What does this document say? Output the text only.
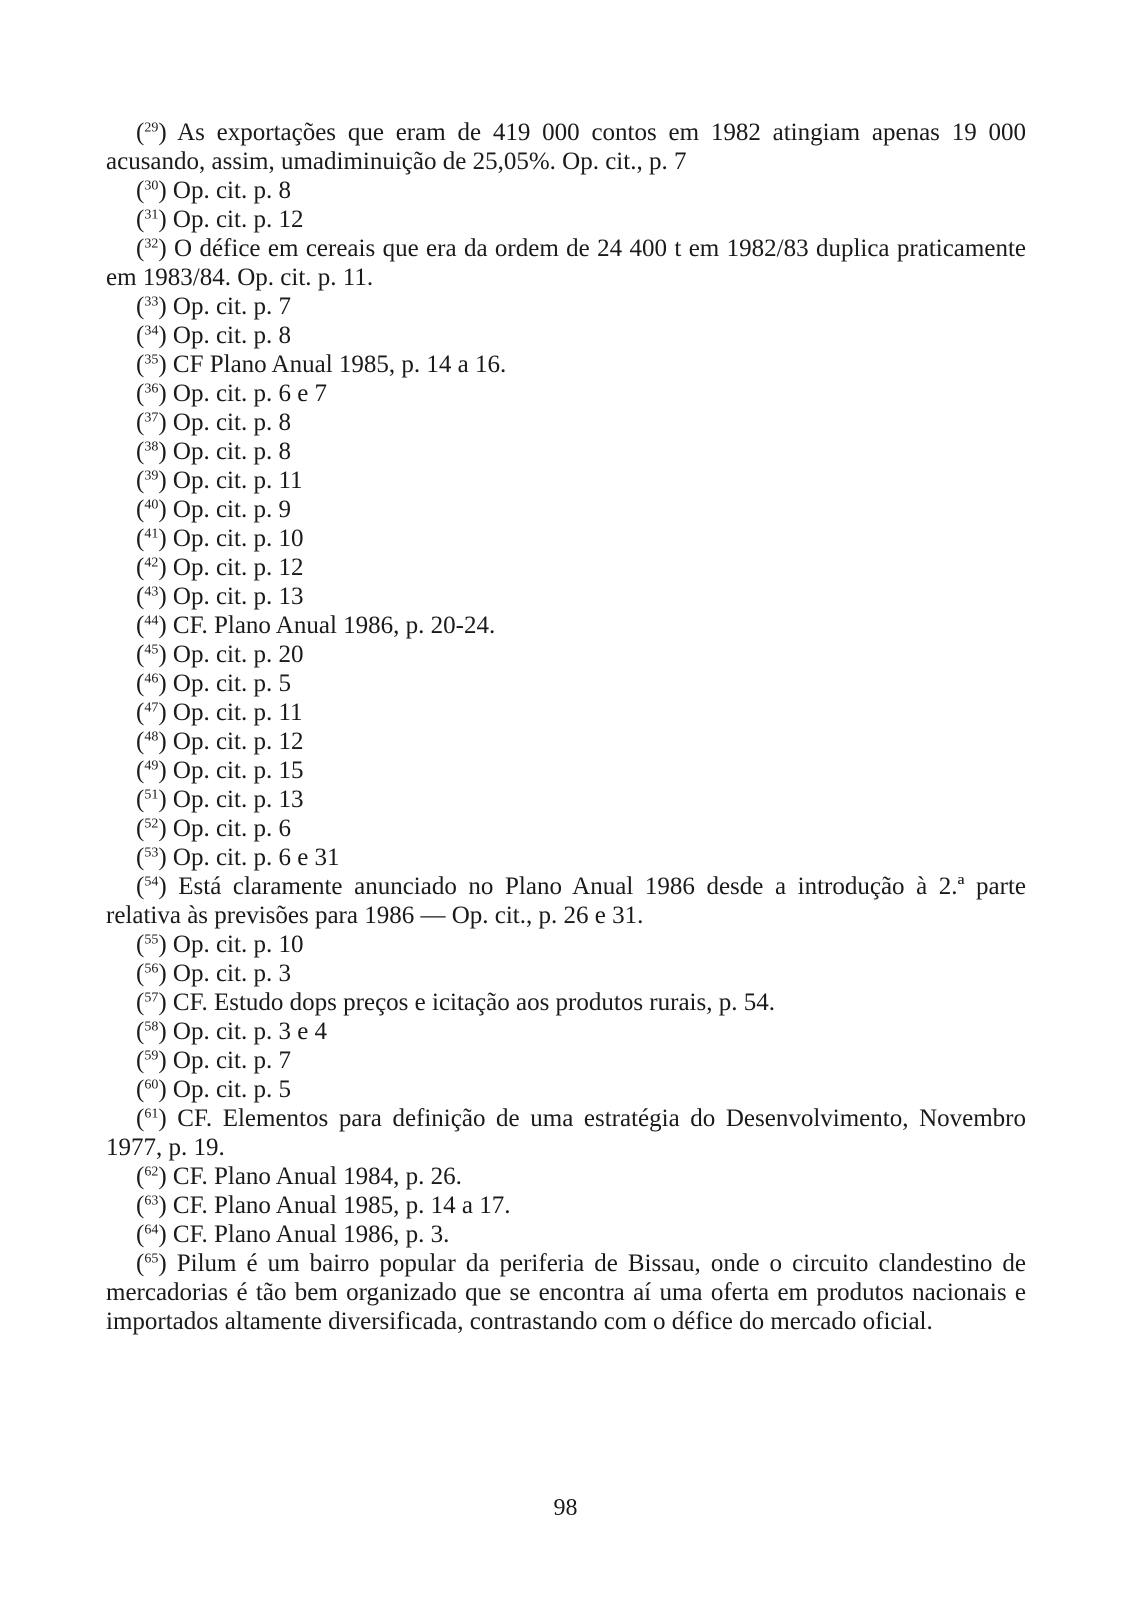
($^{29}$) As exportações que eram de 419 000 contos em 1982 atingiam apenas 19 000 acusando, assim, umadiminuição de 25,05%. Op. cit., p. 7

($^{30}$) Op. cit. p. 8

($^{31}$) Op. cit. p. 12

($^{32}$) O défice em cereais que era da ordem de 24 400 t em 1982/83 duplica praticamente em 1983/84. Op. cit. p. 11.

($^{33}$) Op. cit. p. 7

($^{34}$) Op. cit. p. 8

($^{35}$) CF Plano Anual 1985, p. 14 a 16.

($^{36}$) Op. cit. p. 6 e 7

($^{37}$) Op. cit. p. 8

($^{38}$) Op. cit. p. 8

($^{39}$) Op. cit. p. 11

($^{40}$) Op. cit. p. 9

($^{41}$) Op. cit. p. 10

($^{42}$) Op. cit. p. 12

($^{43}$) Op. cit. p. 13

($^{44}$) CF. Plano Anual 1986, p. 20-24.

($^{45}$) Op. cit. p. 20

($^{46}$) Op. cit. p. 5

($^{47}$) Op. cit. p. 11

($^{48}$) Op. cit. p. 12

($^{49}$) Op. cit. p. 15

($^{51}$) Op. cit. p. 13

($^{52}$) Op. cit. p. 6

($^{53}$) Op. cit. p. 6 e 31

($^{54}$) Está claramente anunciado no Plano Anual 1986 desde a introdução à 2.ª parte relativa às previsões para 1986 — Op. cit., p. 26 e 31.

($^{55}$) Op. cit. p. 10

($^{56}$) Op. cit. p. 3

($^{57}$) CF. Estudo dops preços e icitação aos produtos rurais, p. 54.

($^{58}$) Op. cit. p. 3 e 4

($^{59}$) Op. cit. p. 7

($^{60}$) Op. cit. p. 5

($^{61}$) CF. Elementos para definição de uma estratégia do Desenvolvimento, Novembro 1977, p. 19.

($^{62}$) CF. Plano Anual 1984, p. 26.

($^{63}$) CF. Plano Anual 1985, p. 14 a 17.

($^{64}$) CF. Plano Anual 1986, p. 3.

($^{65}$) Pilum é um bairro popular da periferia de Bissau, onde o circuito clandestino de mercadorias é tão bem organizado que se encontra aí uma oferta em produtos nacionais e importados altamente diversificada, contrastando com o défice do mercado oficial.

98
